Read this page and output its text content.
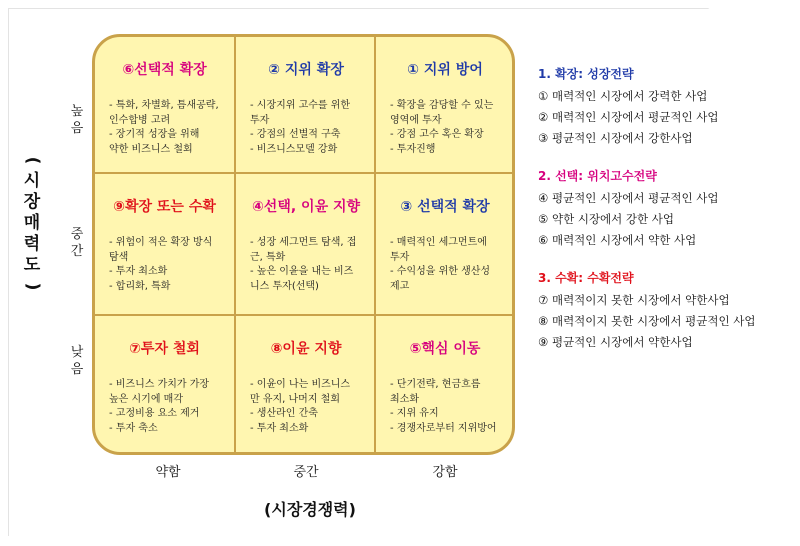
(
시
장
매
력
도
)
높
음
중
간
낮
음
⑥선택적 확장
- 특화, 차별화, 틈새공략,
인수합병 고려
- 장기적 성장을 위해
약한 비즈니스 철회
② 지위 확장
- 시장지위 고수를 위한
투자
- 강점의 선별적 구축
- 비즈니스모델 강화
① 지위 방어
- 확장을 감당할 수 있는
영역에 투자
- 강점 고수 혹은 확장
- 투자진행
⑨확장 또는 수확
- 위험이 적은 확장 방식
탐색
- 투자 최소화
- 합리화, 특화
④선택, 이윤 지향
- 성장 세그먼트 탐색, 접
근, 특화
- 높은 이윤을 내는 비즈
니스 투자(선택)
③ 선택적 확장
- 매력적인 세그먼트에
투자
- 수익성을 위한 생산성
제고
⑦투자 철회
- 비즈니스 가치가 가장
높은 시기에 매각
- 고정비용 요소 제거
- 투자 축소
⑧이윤 지향
- 이윤이 나는 비즈니스
만 유지, 나머지 철회
- 생산라인 간축
- 투자 최소화
⑤핵심 이동
- 단기전략, 현금흐름
최소화
- 지위 유지
- 경쟁자로부터 지위방어
약함	중간	강함
(시장경쟁력)
1. 확장: 성장전략
① 매력적인 시장에서 강력한 사업
② 매력적인 시장에서 평균적인 사업
③ 평균적인 시장에서 강한사업
2. 선택: 위치고수전략
④ 평균적인 시장에서 평균적인 사업
⑤ 약한 시장에서 강한 사업
⑥ 매력적인 시장에서 약한 사업
3. 수확: 수확전략
⑦ 매력적이지 못한 시장에서 약한사업
⑧ 매력적이지 못한 시장에서 평균적인 사업
⑨ 평균적인 시장에서 약한사업
